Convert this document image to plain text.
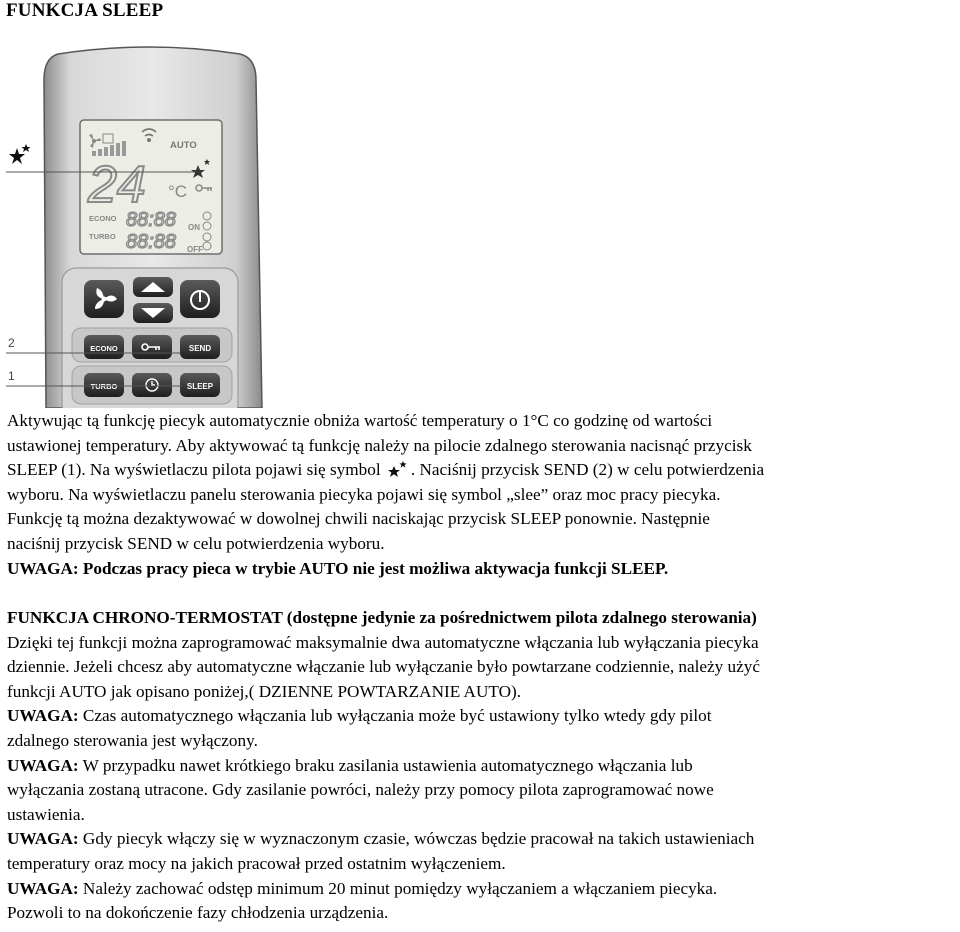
FUNKCJA SLEEP
AUTO
24 °C
ECONO
TURBO
88:88
88:88
ON
OFF
ECONO	SEND
TURBO	SLEEP
2
1
Aktywując tą funkcję piecyk automatycznie obniża wartość temperatury o 1°C co godzinę od wartości
ustawionej temperatury. Aby aktywować tą funkcję należy na pilocie zdalnego sterowania nacisnąć przycisk
SLEEP (1). Na wyświetlaczu pilota pojawi się symbol . Naciśnij przycisk SEND (2) w celu potwierdzenia
wyboru. Na wyświetlaczu panelu sterowania piecyka pojawi się symbol „slee” oraz moc pracy piecyka.
Funkcję tą można dezaktywować w dowolnej chwili naciskając przycisk SLEEP ponownie. Następnie
naciśnij przycisk SEND w celu potwierdzenia wyboru.
UWAGA: Podczas pracy pieca w trybie AUTO nie jest możliwa aktywacja funkcji SLEEP.
FUNKCJA CHRONO-TERMOSTAT (dostępne jedynie za pośrednictwem pilota zdalnego sterowania)
Dzięki tej funkcji można zaprogramować maksymalnie dwa automatyczne włączania lub wyłączania piecyka
dziennie. Jeżeli chcesz aby automatyczne włączanie lub wyłączanie było powtarzane codziennie, należy użyć
funkcji AUTO jak opisano poniżej,( DZIENNE POWTARZANIE AUTO).
UWAGA: Czas automatycznego włączania lub wyłączania może być ustawiony tylko wtedy gdy pilot
zdalnego sterowania jest wyłączony.
UWAGA: W przypadku nawet krótkiego braku zasilania ustawienia automatycznego włączania lub
wyłączania zostaną utracone. Gdy zasilanie powróci, należy przy pomocy pilota zaprogramować nowe
ustawienia.
UWAGA: Gdy piecyk włączy się w wyznaczonym czasie, wówczas będzie pracował na takich ustawieniach
temperatury oraz mocy na jakich pracował przed ostatnim wyłączeniem.
UWAGA: Należy zachować odstęp minimum 20 minut pomiędzy wyłączaniem a włączaniem piecyka.
Pozwoli to na dokończenie fazy chłodzenia urządzenia.
